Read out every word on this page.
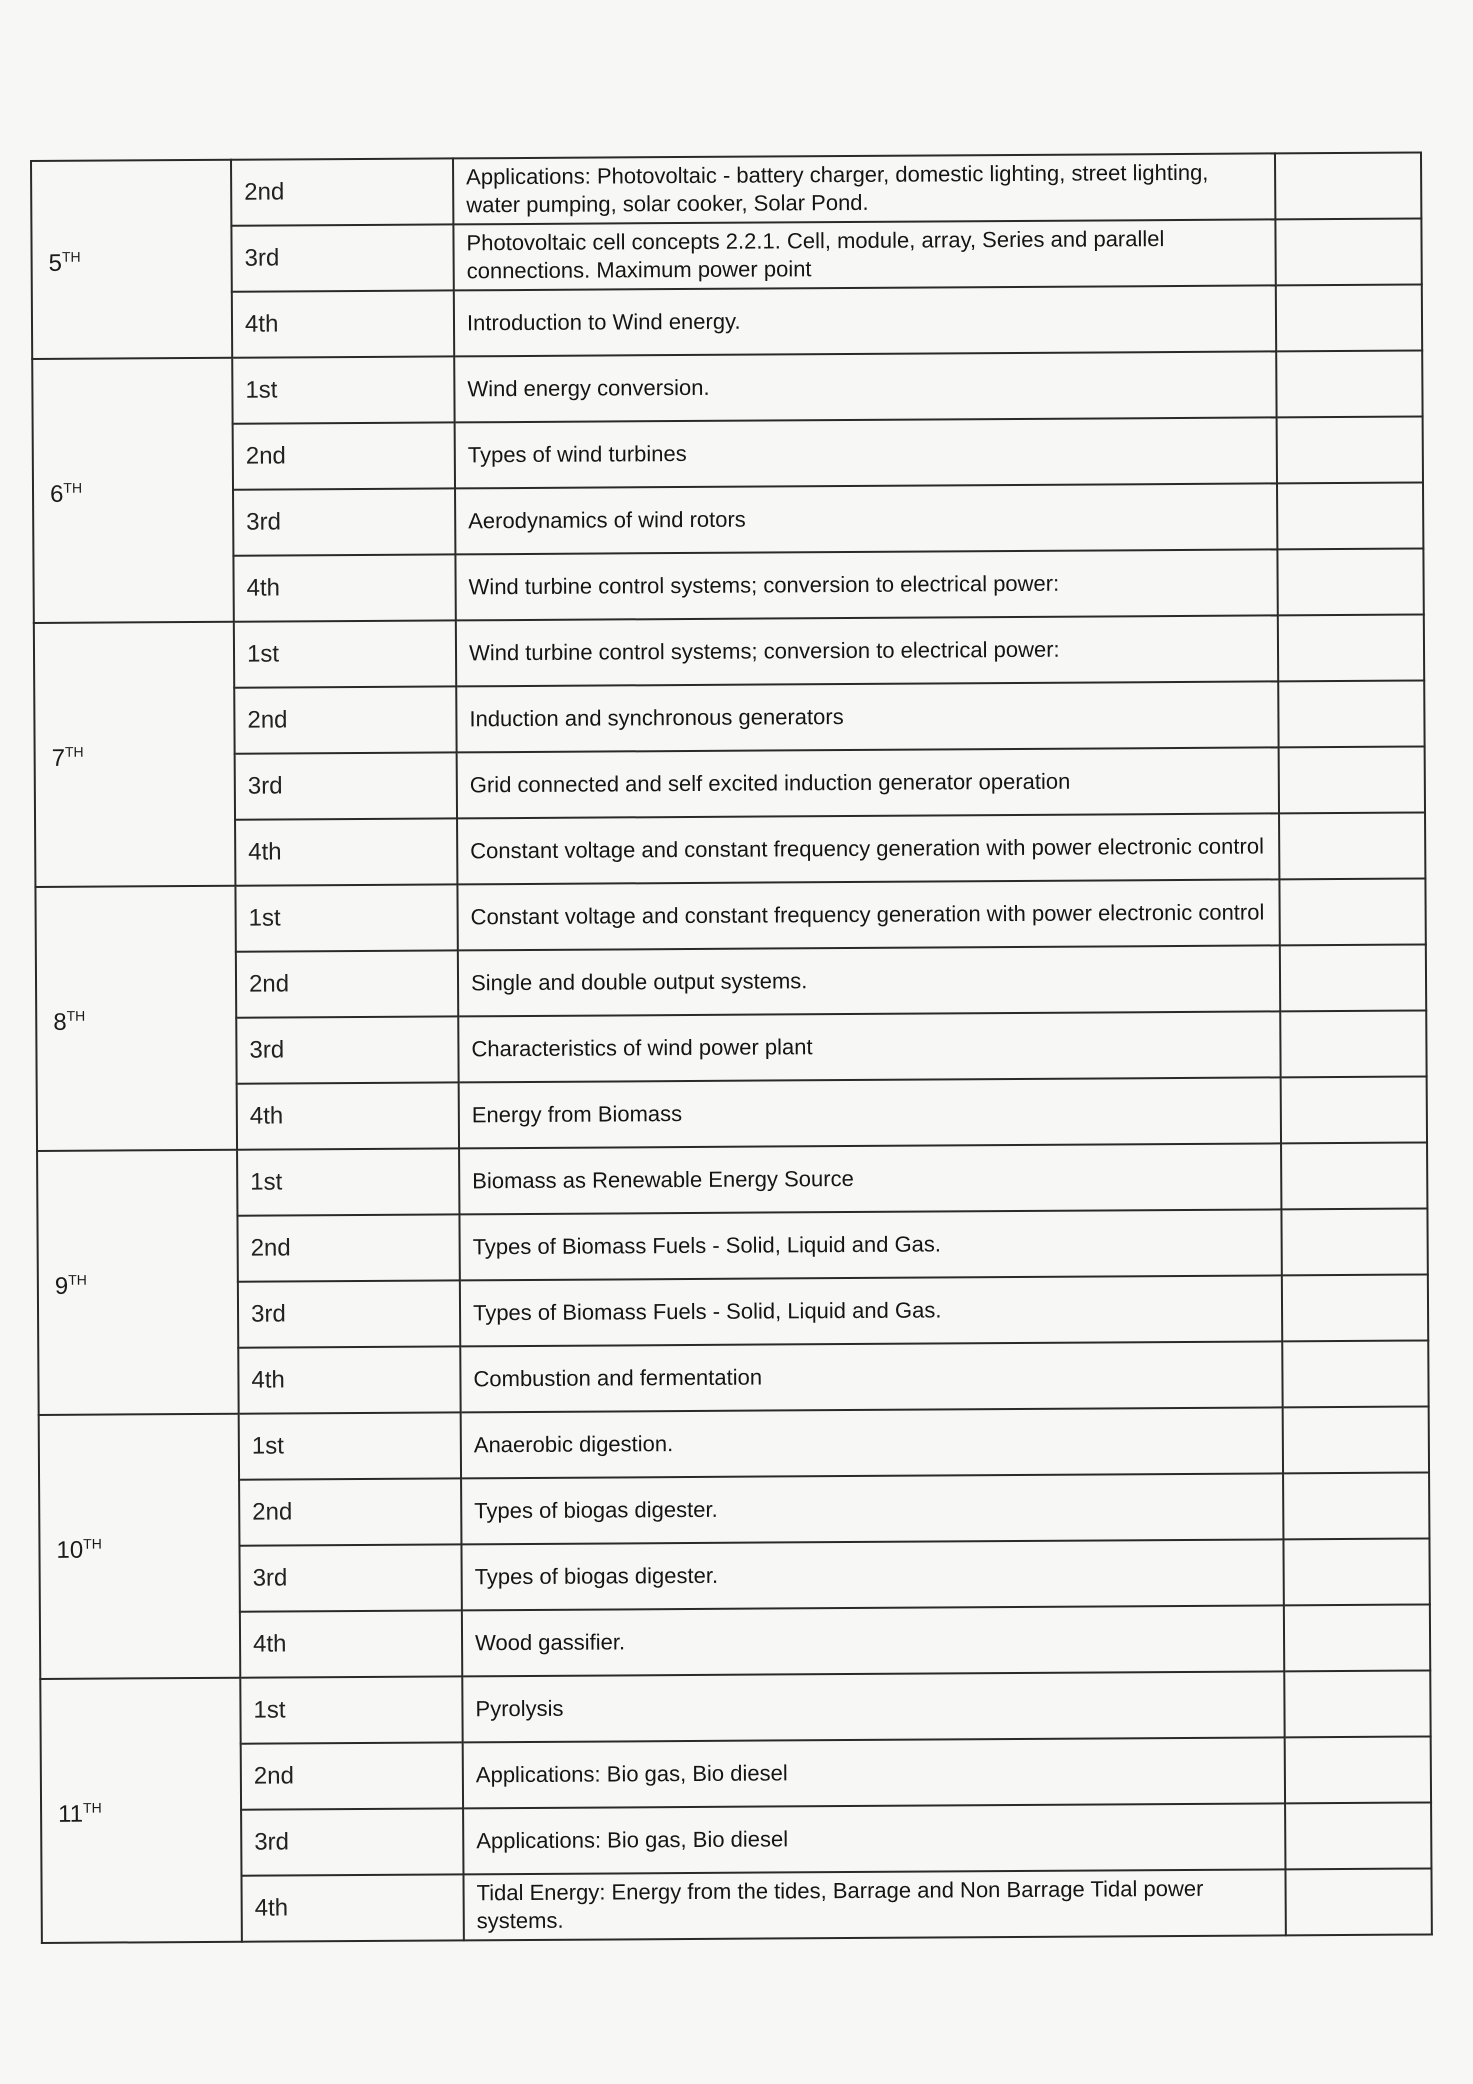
5TH	2nd	Applications: Photovoltaic - battery charger, domestic lighting, street lighting, water pumping, solar cooker, Solar Pond.	
	3rd	Photovoltaic cell concepts 2.2.1. Cell, module, array, Series and parallel connections. Maximum power point	
	4th	Introduction to Wind energy.	
6TH	1st	Wind energy conversion.	
	2nd	Types of wind turbines	
	3rd	Aerodynamics of wind rotors	
	4th	Wind turbine control systems; conversion to electrical power:	
7TH	1st	Wind turbine control systems; conversion to electrical power:	
	2nd	Induction and synchronous generators	
	3rd	Grid connected and self excited induction generator operation	
	4th	Constant voltage and constant frequency generation with power electronic control	
8TH	1st	Constant voltage and constant frequency generation with power electronic control	
	2nd	Single and double output systems.	
	3rd	Characteristics of wind power plant	
	4th	Energy from Biomass	
9TH	1st	Biomass as Renewable Energy Source	
	2nd	Types of Biomass Fuels - Solid, Liquid and Gas.	
	3rd	Types of Biomass Fuels - Solid, Liquid and Gas.	
	4th	Combustion and fermentation	
10TH	1st	Anaerobic digestion.	
	2nd	Types of biogas digester.	
	3rd	Types of biogas digester.	
	4th	Wood gassifier.	
11TH	1st	Pyrolysis	
	2nd	Applications: Bio gas, Bio diesel	
	3rd	Applications: Bio gas, Bio diesel	
	4th	Tidal Energy: Energy from the tides, Barrage and Non Barrage Tidal power systems.	
